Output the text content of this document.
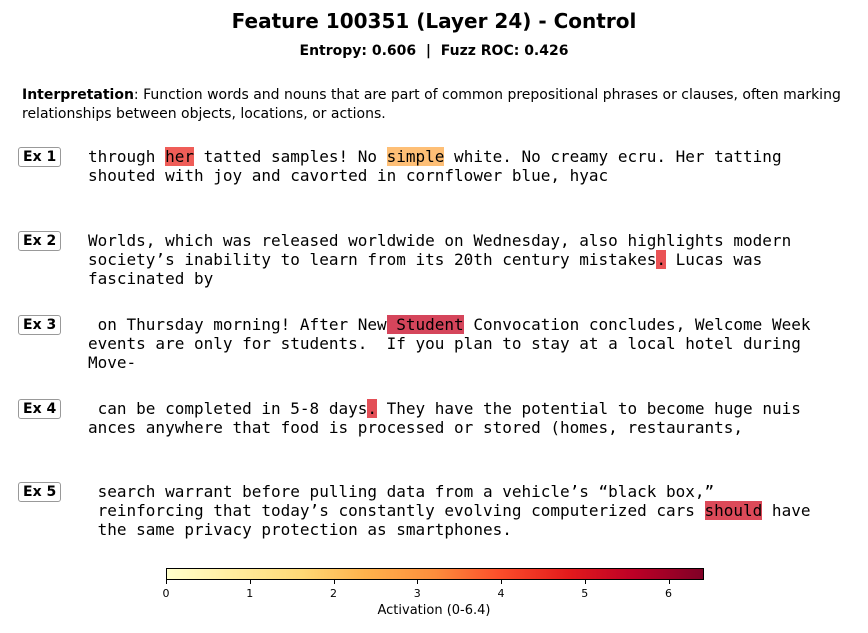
Feature 100351 (Layer 24) - Control
Entropy: 0.606  |  Fuzz ROC: 0.426
Interpretation: Function words and nouns that are part of common prepositional phrases or clauses, often marking relationships between objects, locations, or actions.
Ex 1	through her tatted samples! No simple white. No creamy ecru. Her tatting
shouted with joy and cavorted in cornflower blue, hyac
Ex 2	Worlds, which was released worldwide on Wednesday, also highlights modern
society’s inability to learn from its 20th century mistakes. Lucas was
fascinated by
Ex 3	on Thursday morning! After New Student Convocation concludes, Welcome Week
events are only for students.  If you plan to stay at a local hotel during
Move-
Ex 4	can be completed in 5-8 days. They have the potential to become huge nuis
ances anywhere that food is processed or stored (homes, restaurants,
Ex 5	search warrant before pulling data from a vehicle’s “black box,”
reinforcing that today’s constantly evolving computerized cars should have
the same privacy protection as smartphones.
0	1	2	3	4	5	6
Activation (0-6.4)
